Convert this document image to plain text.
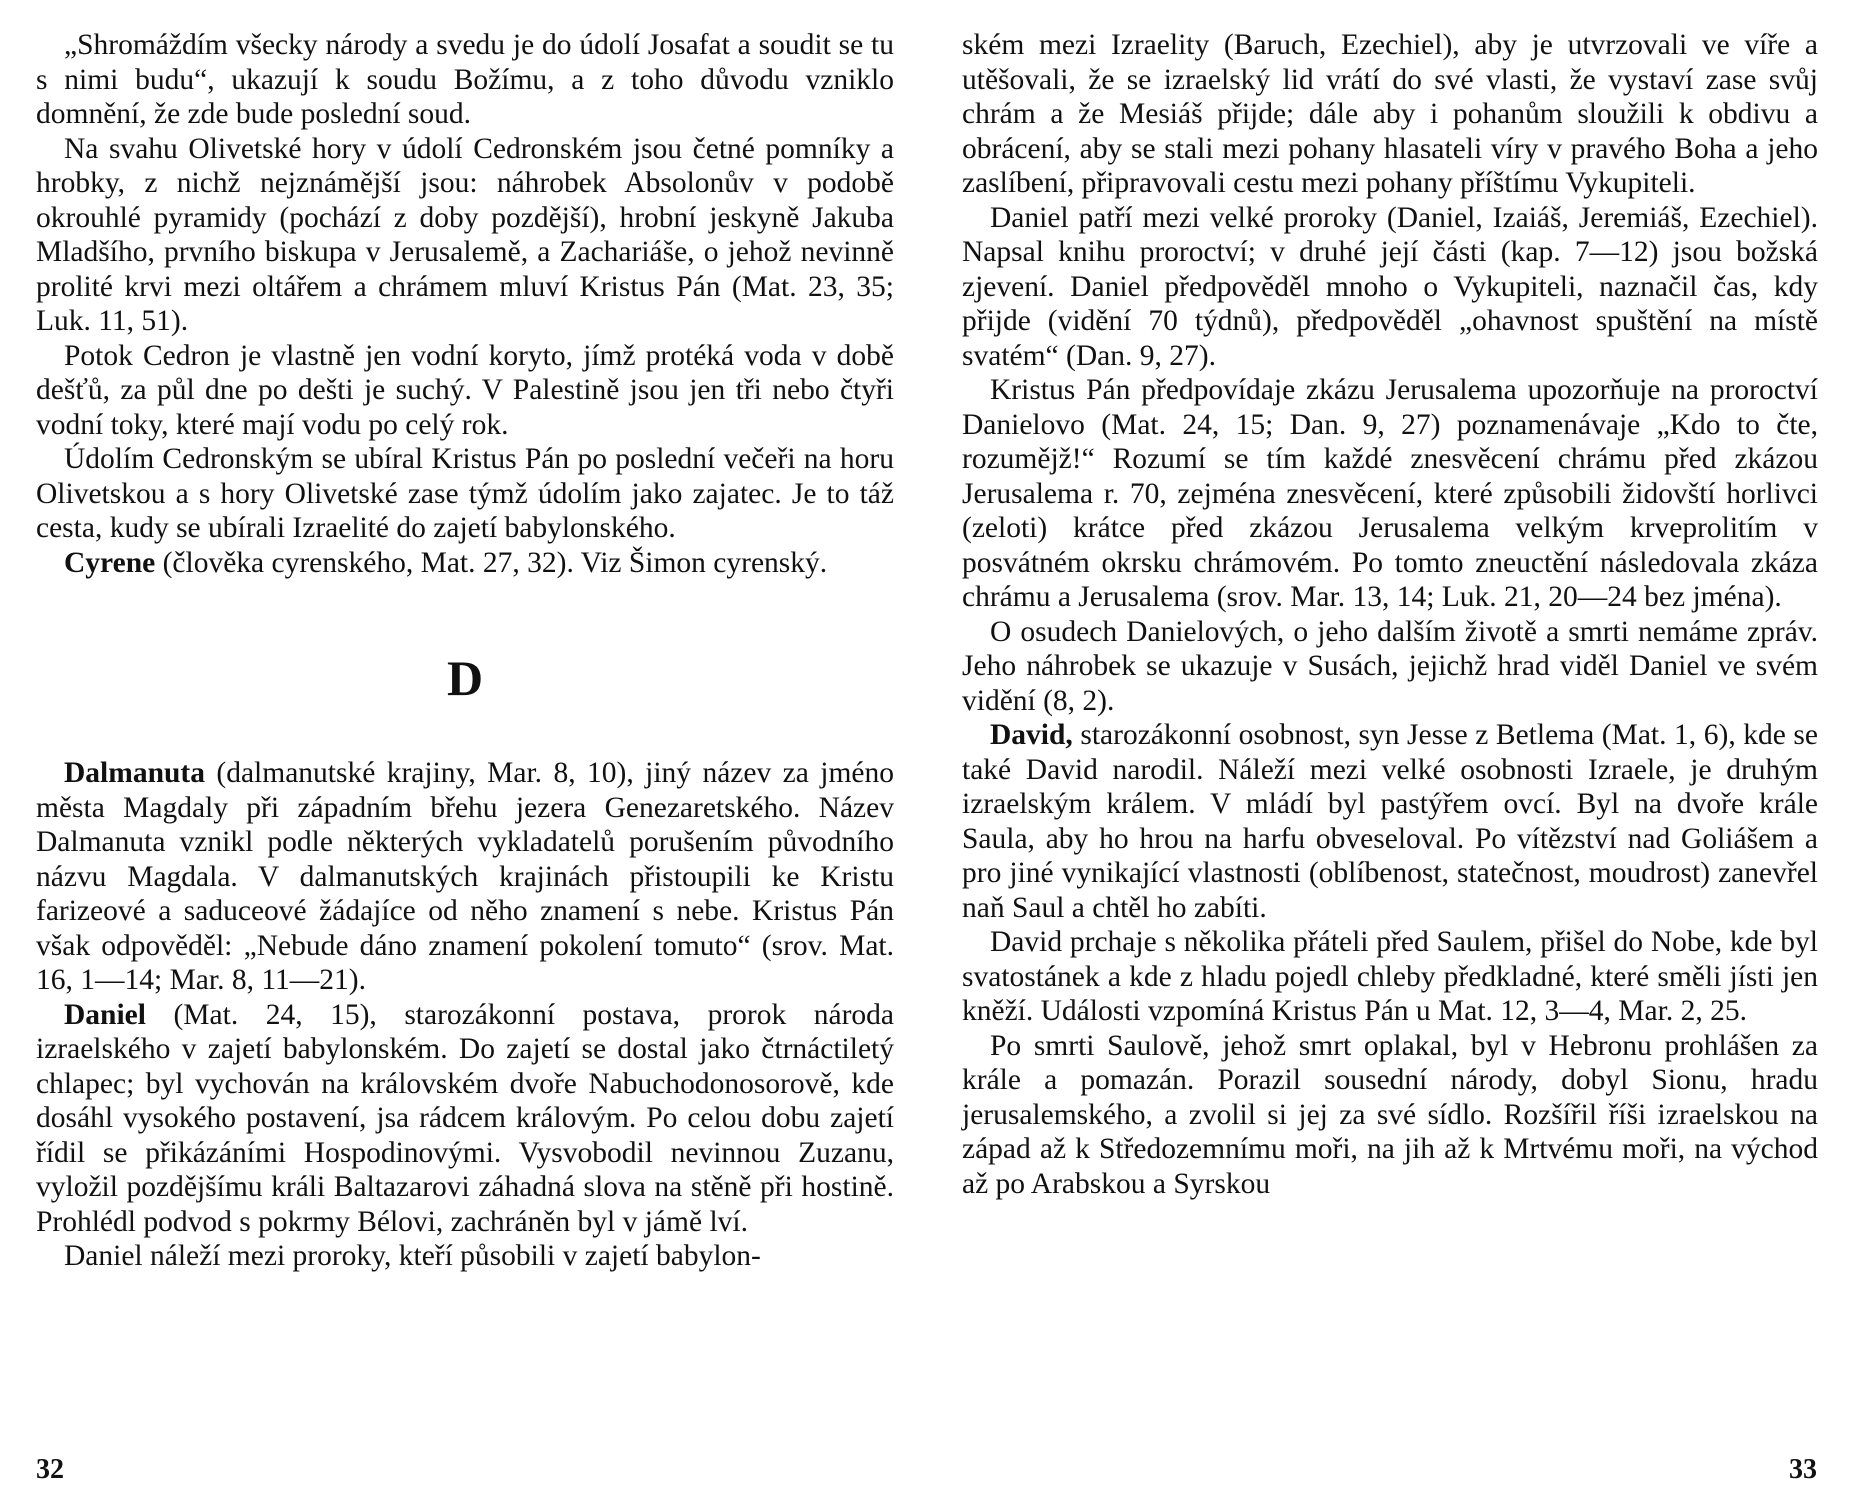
„Shromáždím všecky národy a svedu je do údolí Josafat a soudit se tu s nimi budu“, ukazují k soudu Božímu, a z toho důvodu vzniklo domnění, že zde bude poslední soud.

Na svahu Olivetské hory v údolí Cedronském jsou četné pomníky a hrobky, z nichž nejznámější jsou: náhrobek Absolonův v podobě okrouhlé pyramidy (pochází z doby pozdější), hrobní jeskyně Jakuba Mladšího, prvního biskupa v Jerusalemě, a Zachariáše, o jehož nevinně prolité krvi mezi oltářem a chrámem mluví Kristus Pán (Mat. 23, 35; Luk. 11, 51).

Potok Cedron je vlastně jen vodní koryto, jímž protéká voda v době dešťů, za půl dne po dešti je suchý. V Palestině jsou jen tři nebo čtyři vodní toky, které mají vodu po celý rok.

Údolím Cedronským se ubíral Kristus Pán po poslední večeři na horu Olivetskou a s hory Olivetské zase týmž údolím jako zajatec. Je to táž cesta, kudy se ubírali Izraelité do zajetí babylonského.

Cyrene (člověka cyrenského, Mat. 27, 32). Viz Šimon cyrenský.

D

Dalmanuta (dalmanutské krajiny, Mar. 8, 10), jiný název za jméno města Magdaly při západním břehu jezera Genezaretského. Název Dalmanuta vznikl podle některých vykladatelů porušením původního názvu Magdala. V dalmanutských krajinách přistoupili ke Kristu farizeové a saduceové žádajíce od něho znamení s nebe. Kristus Pán však odpověděl: „Nebude dáno znamení pokolení tomuto“ (srov. Mat. 16, 1—14; Mar. 8, 11—21).

Daniel (Mat. 24, 15), starozákonní postava, prorok národa izraelského v zajetí babylonském. Do zajetí se dostal jako čtrnáctiletý chlapec; byl vychován na královském dvoře Nabuchodonosorově, kde dosáhl vysokého postavení, jsa rádcem královým. Po celou dobu zajetí řídil se přikázáními Hospodinovými. Vysvobodil nevinnou Zuzanu, vyložil pozdějšímu králi Baltazarovi záhadná slova na stěně při hostině. Prohlédl podvod s pokrmy Bélovi, zachráněn byl v jámě lví.

Daniel náleží mezi proroky, kteří působili v zajetí babylon-

ském mezi Izraelity (Baruch, Ezechiel), aby je utvrzovali ve víře a utěšovali, že se izraelský lid vrátí do své vlasti, že vystaví zase svůj chrám a že Mesiáš přijde; dále aby i pohanům sloužili k obdivu a obrácení, aby se stali mezi pohany hlasateli víry v pravého Boha a jeho zaslíbení, připravovali cestu mezi pohany příštímu Vykupiteli.

Daniel patří mezi velké proroky (Daniel, Izaiáš, Jeremiáš, Ezechiel). Napsal knihu proroctví; v druhé její části (kap. 7—12) jsou božská zjevení. Daniel předpověděl mnoho o Vykupiteli, naznačil čas, kdy přijde (vidění 70 týdnů), předpověděl „ohavnost spuštění na místě svatém“ (Dan. 9, 27).

Kristus Pán předpovídaje zkázu Jerusalema upozorňuje na proroctví Danielovo (Mat. 24, 15; Dan. 9, 27) poznamenávaje „Kdo to čte, rozumějž!“ Rozumí se tím každé znesvěcení chrámu před zkázou Jerusalema r. 70, zejména znesvěcení, které způsobili židovští horlivci (zeloti) krátce před zkázou Jerusalema velkým krveprolitím v posvátném okrsku chrámovém. Po tomto zneuctění následovala zkáza chrámu a Jerusalema (srov. Mar. 13, 14; Luk. 21, 20—24 bez jména).

O osudech Danielových, o jeho dalším životě a smrti nemáme zpráv. Jeho náhrobek se ukazuje v Susách, jejichž hrad viděl Daniel ve svém vidění (8, 2).

David, starozákonní osobnost, syn Jesse z Betlema (Mat. 1, 6), kde se také David narodil. Náleží mezi velké osobnosti Izraele, je druhým izraelským králem. V mládí byl pastýřem ovcí. Byl na dvoře krále Saula, aby ho hrou na harfu obveseloval. Po vítězství nad Goliášem a pro jiné vynikající vlastnosti (oblíbenost, statečnost, moudrost) zanevřel naň Saul a chtěl ho zabíti.

David prchaje s několika přáteli před Saulem, přišel do Nobe, kde byl svatostánek a kde z hladu pojedl chleby předkladné, které směli jísti jen kněží. Události vzpomíná Kristus Pán u Mat. 12, 3—4, Mar. 2, 25.

Po smrti Saulově, jehož smrt oplakal, byl v Hebronu prohlášen za krále a pomazán. Porazil sousední národy, dobyl Sionu, hradu jerusalemského, a zvolil si jej za své sídlo. Rozšířil říši izraelskou na západ až k Středozemnímu moři, na jih až k Mrtvému moři, na východ až po Arabskou a Syrskou

32	33
